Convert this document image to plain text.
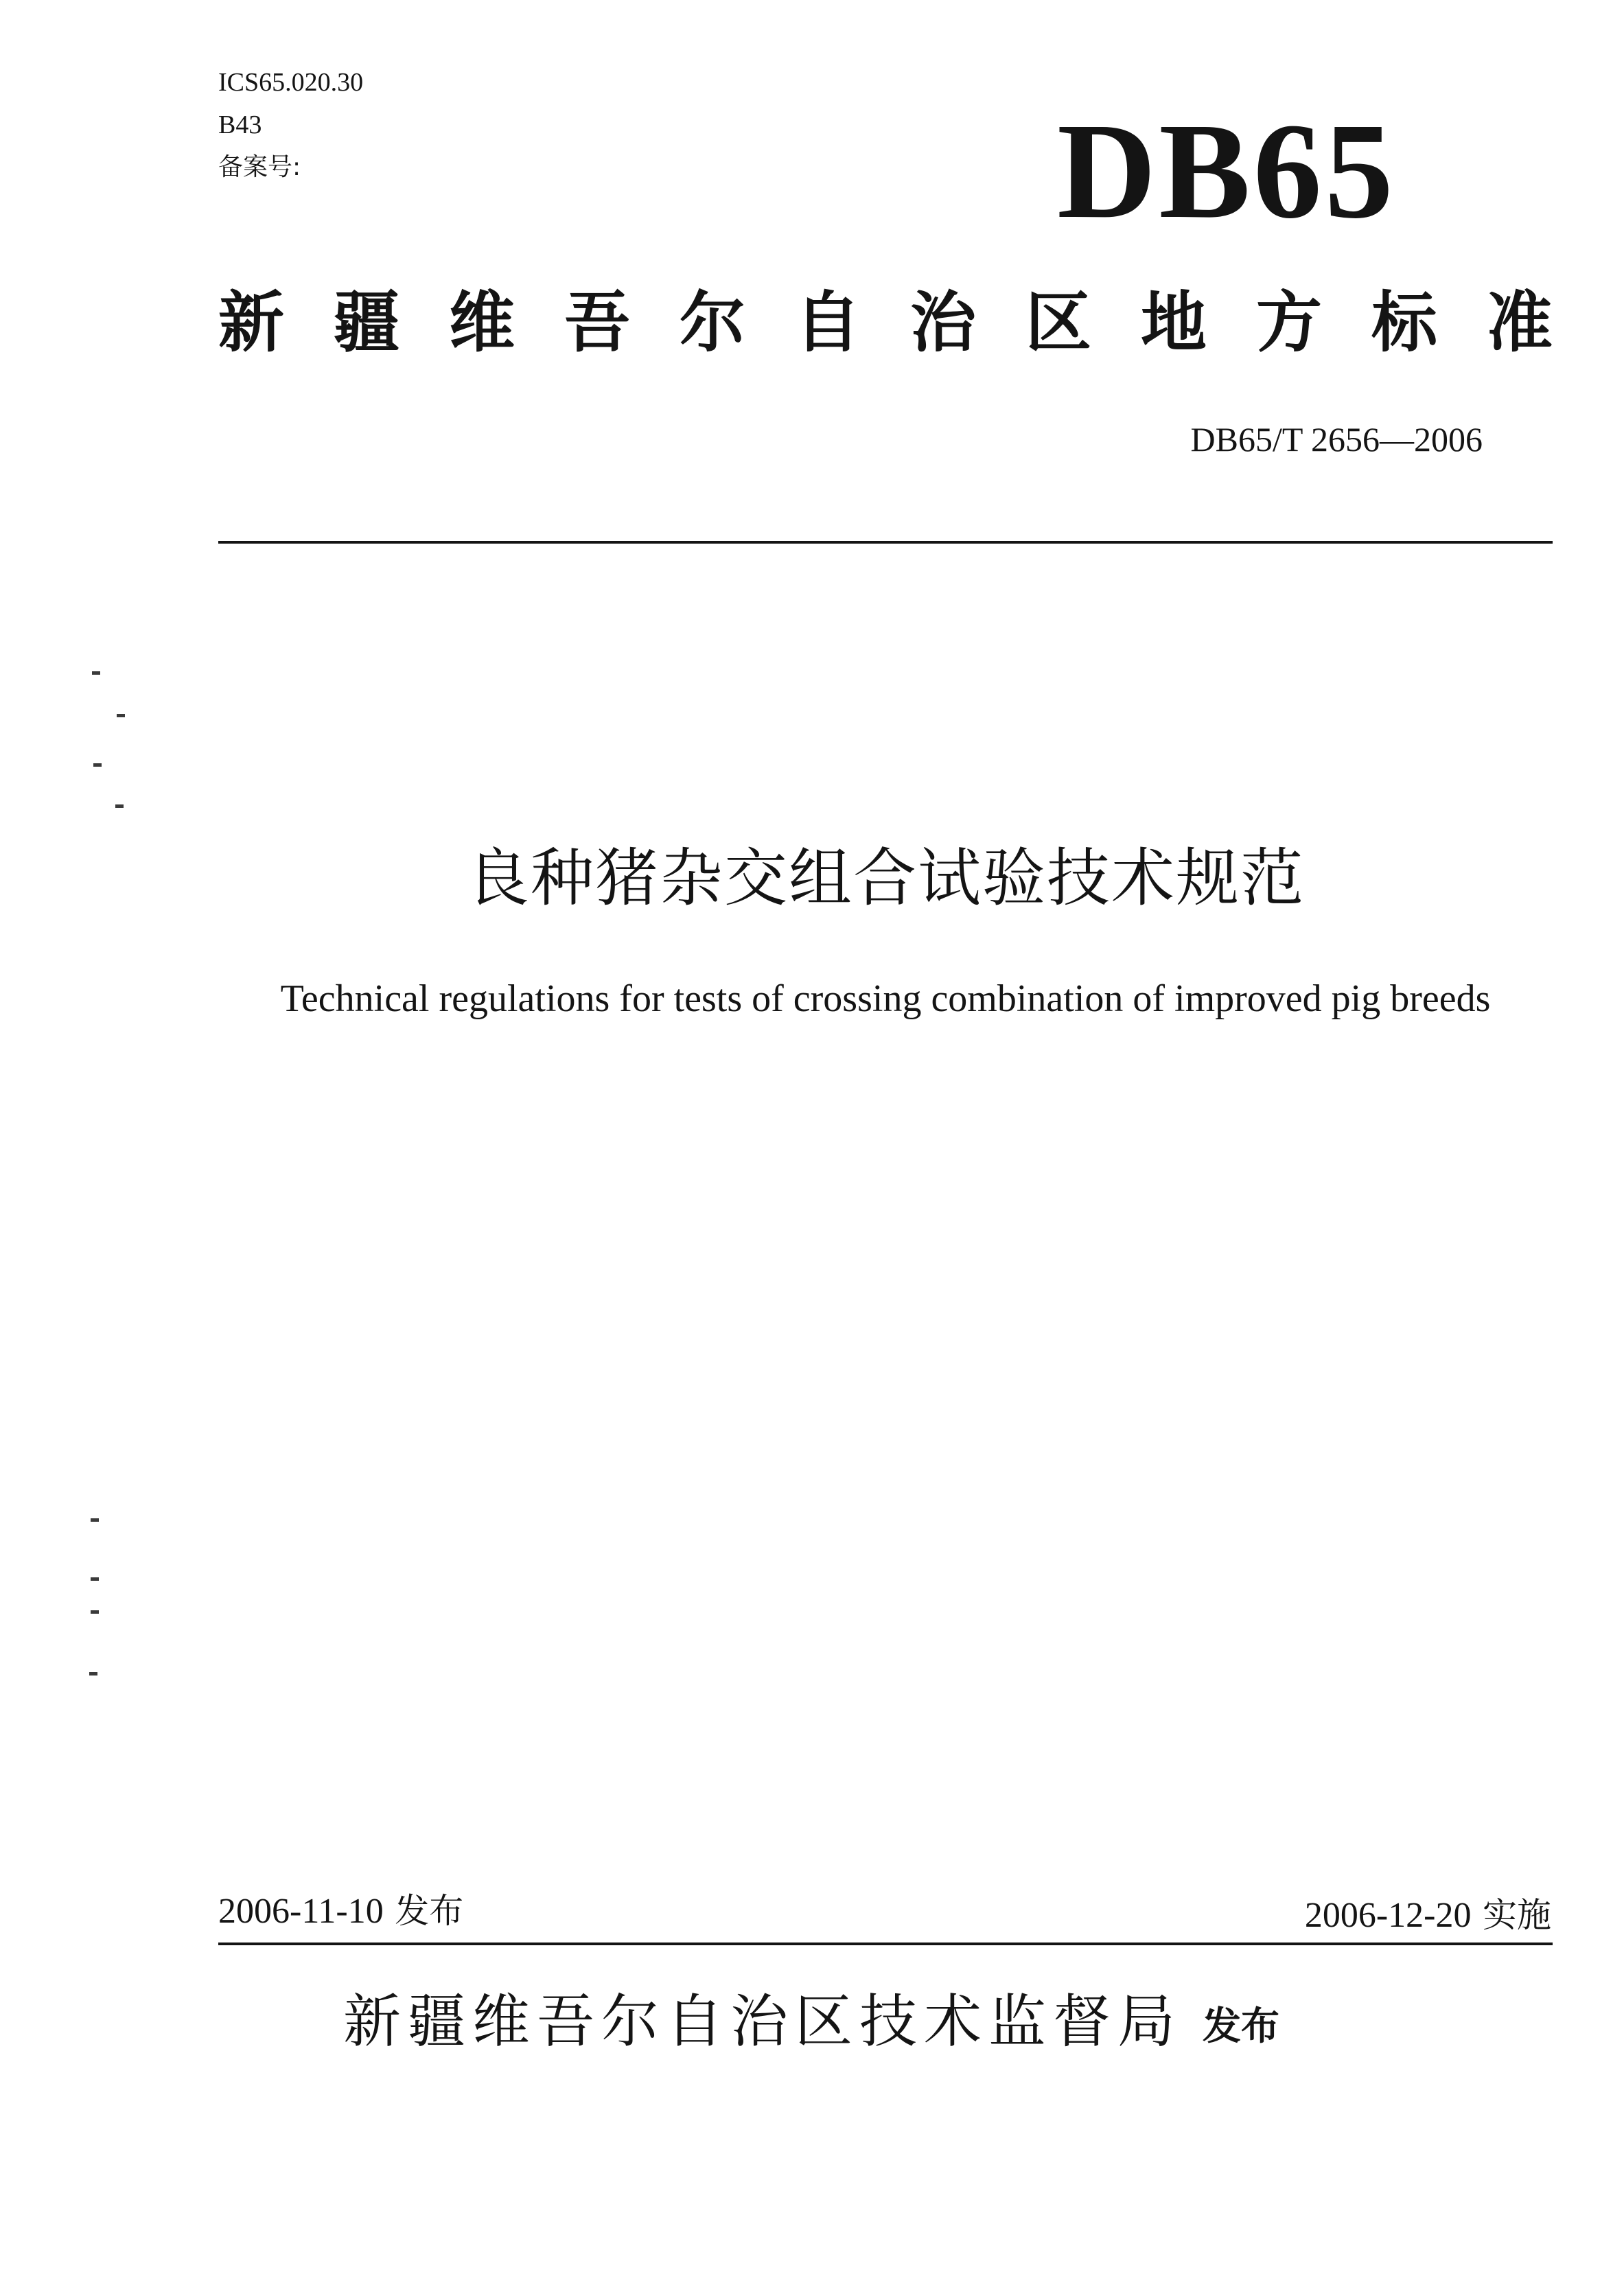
ICS65.020.30
B43
备案号:	DB65
新 疆 维 吾 尔 自 治 区 地 方 标 准
DB65/T 2656—2006
良种猪杂交组合试验技术规范
Technical regulations for tests of crossing combination of improved pig breeds
2006-11-10 发布	2006-12-20 实施
新疆维吾尔自治区技术监督局 发布
